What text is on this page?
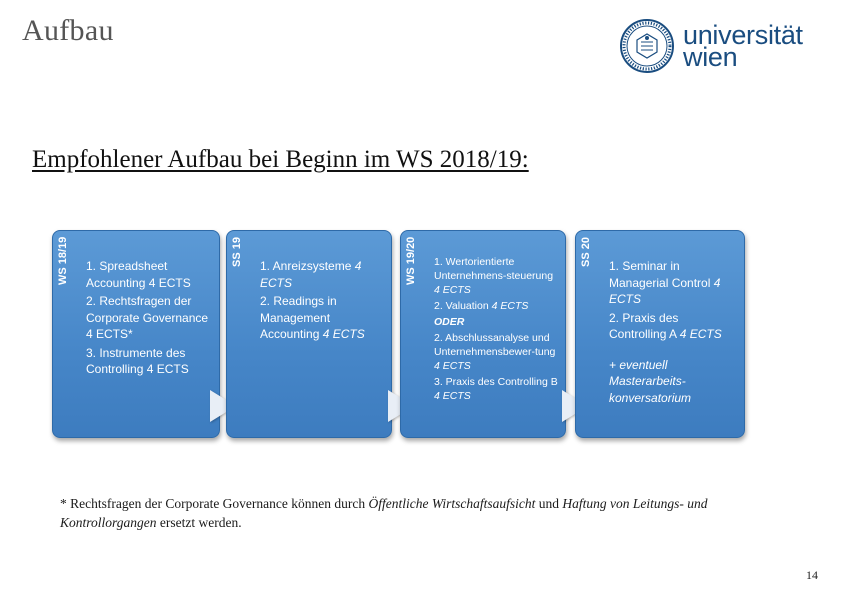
Aufbau	universität
wien
Empfohlener Aufbau bei Beginn im WS 2018/19:
WS 18/19 1. Spreadsheet Accounting 4 ECTS
2. Rechtsfragen der Corporate Governance 4 ECTS*
3. Instrumente des Controlling 4 ECTS
SS 19 1. Anreizsysteme 4 ECTS
2. Readings in Management Accounting 4 ECTS
WS 19/20 1. Wertorientierte Unternehmens-steuerung 4 ECTS
2. Valuation 4 ECTS
ODER
2. Abschlussanalyse und Unternehmensbewer-tung 4 ECTS
3. Praxis des Controlling B 4 ECTS
SS 20 1. Seminar in Managerial Control 4 ECTS
2. Praxis des Controlling A 4 ECTS
+ eventuell Masterarbeits-konversatorium
* Rechtsfragen der Corporate Governance können durch Öffentliche Wirtschaftsaufsicht und Haftung von Leitungs- und Kontrollorgangen ersetzt werden.
14
